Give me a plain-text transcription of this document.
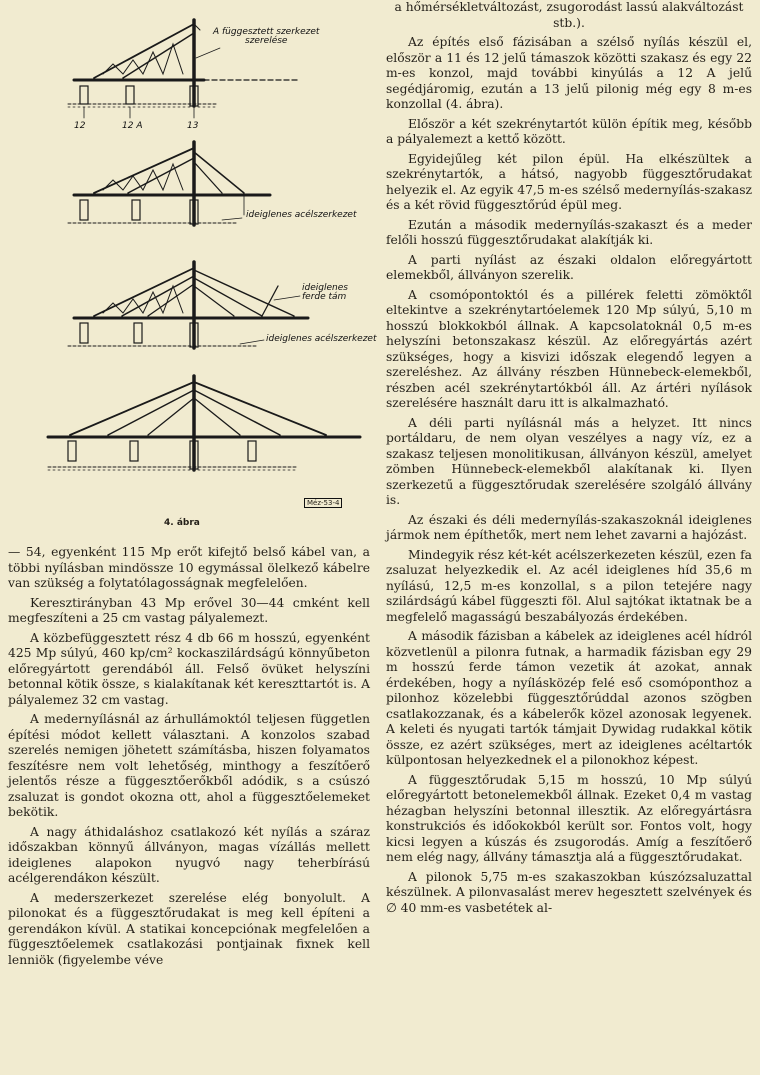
A függesztett szerkezet
szerelése
12	12 A	13
ideiglenes acélszerkezet
ideiglenes
ferde tám
ideiglenes acélszerkezet
Méz-53-4
4. ábra

— 54, egyenként 115 Mp erőt kifejtő belső kábel van, a többi nyílásban mindössze 10 egymással ölelkező kábelre van szükség a folytatólagosságnak megfelelően.

Keresztirányban 43 Mp erővel 30—44 cmként kell megfeszíteni a 25 cm vastag pályalemezt.

A közbefüggesztett rész 4 db 66 m hosszú, egyenként 425 Mp súlyú, 460 kp/cm² kockaszilárdságú könnyűbeton előregyártott gerendából áll. Felső övüket helyszíni betonnal kötik össze, s kialakítanak két kereszttartót is. A pályalemez 32 cm vastag.

A medernyílásnál az árhullámoktól teljesen független építési módot kellett választani. A konzolos szabad szerelés nemigen jöhetett számításba, hiszen folyamatos feszítésre nem volt lehetőség, minthogy a feszítőerő jelentős része a függesztőerőkből adódik, s a csúszó zsaluzat is gondot okozna ott, ahol a függesztőelemeket bekötik.

A nagy áthidaláshoz csatlakozó két nyílás a száraz időszakban könnyű állványon, magas vízállás mellett ideiglenes alapokon nyugvó nagy teherbírású acélgerendákon készült.

A mederszerkezet szerelése elég bonyolult. A pilonokat és a függesztőrudakat is meg kell építeni a gerendákon kívül. A statikai koncepciónak megfelelően a függesztőelemek csatlakozási pontjainak fixnek kell lenniök (figyelembe véve

a hőmérsékletváltozást, zsugorodást lassú alakváltozást stb.).

Az építés első fázisában a szélső nyílás készül el, először a 11 és 12 jelű támaszok közötti szakasz és egy 22 m-es konzol, majd további kinyúlás a 12 A jelű segédjáromig, ezután a 13 jelű pilonig még egy 8 m-es konzollal (4. ábra).

Először a két szekrénytartót külön építik meg, később a pályalemezt a kettő között.

Egyidejűleg két pilon épül. Ha elkészültek a szekrénytartók, a hátsó, nagyobb függesztőrudakat helyezik el. Az egyik 47,5 m-es szélső medernyílás-szakasz és a két rövid függesztőrúd épül meg.

Ezután a második medernyílás-szakaszt és a meder felőli hosszú függesztőrudakat alakítják ki.

A parti nyílást az északi oldalon előregyártott elemekből, állványon szerelik.

A csomópontoktól és a pillérek feletti zömöktől eltekintve a szekrénytartóelemek 120 Mp súlyú, 5,10 m hosszú blokkokból állnak. A kapcsolatoknál 0,5 m-es helyszíni betonszakasz készül. Az előregyártás azért szükséges, hogy a kisvizi időszak elegendő legyen a szereléshez. Az állvány részben Hünnebeck-elemekből, részben acél szekrénytartókból áll. Az ártéri nyílások szerelésére használt daru itt is alkalmazható.

A déli parti nyílásnál más a helyzet. Itt nincs portáldaru, de nem olyan veszélyes a nagy víz, ez a szakasz teljesen monolitikusan, állványon készül, amelyet zömben Hünnebeck-elemekből alakítanak ki. Ilyen szerkezetű a függesztőrudak szerelésére szolgáló állvány is.

Az északi és déli medernyílás-szakaszoknál ideiglenes jármok nem építhetők, mert nem lehet zavarni a hajózást.

Mindegyik rész két-két acélszerkezeten készül, ezen fa zsaluzat helyezkedik el. Az acél ideiglenes híd 35,6 m nyílású, 12,5 m-es konzollal, s a pilon tetejére nagy szilárdságú kábel függeszti föl. Alul sajtókat iktatnak be a megfelelő magasságú beszabályozás érdekében.

A második fázisban a kábelek az ideiglenes acél hídról közvetlenül a pilonra futnak, a harmadik fázisban egy 29 m hosszú ferde támon vezetik át azokat, annak érdekében, hogy a nyílásközép felé eső csomóponthoz a pilonhoz közelebbi függesztőrúddal azonos szögben csatlakozzanak, és a kábelerők közel azonosak legyenek. A keleti és nyugati tartók támjait Dywidag rudakkal kötik össze, ez azért szükséges, mert az ideiglenes acéltartók külpontosan helyezkednek el a pilonokhoz képest.

A függesztőrudak 5,15 m hosszú, 10 Mp súlyú előregyártott betonelemekből állnak. Ezeket 0,4 m vastag hézagban helyszíni betonnal illesztik. Az előregyártásra konstrukciós és időokokból került sor. Fontos volt, hogy kicsi legyen a kúszás és zsugorodás. Amíg a feszítőerő nem elég nagy, állvány támasztja alá a függesztőrudakat.

A pilonok 5,75 m-es szakaszokban kúszózsaluzattal készülnek. A pilonvasalást merev hegesztett szelvények és ∅ 40 mm-es vasbetétek al-
